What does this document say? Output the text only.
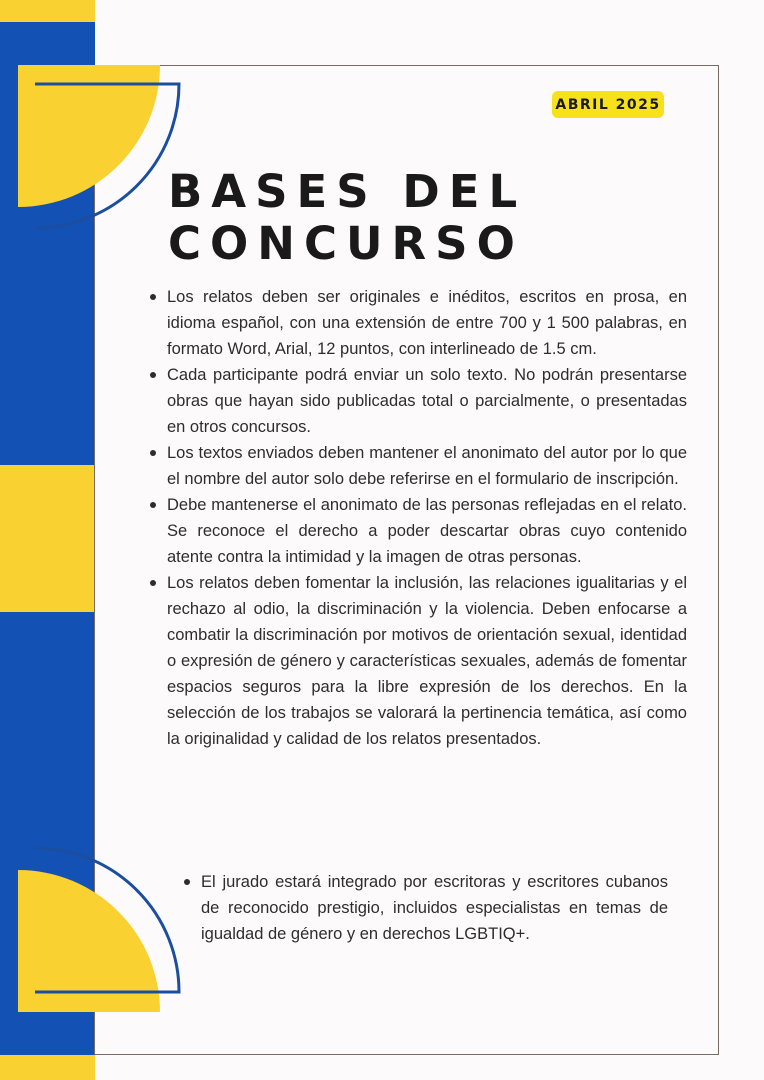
ABRIL 2025
BASES DEL
CONCURSO
Los relatos deben ser originales e inéditos, escritos en prosa, en idioma español, con una extensión de entre 700 y 1 500 palabras, en formato Word, Arial, 12 puntos, con interlineado de 1.5 cm.
Cada participante podrá enviar un solo texto. No podrán presentarse obras que hayan sido publicadas total o parcialmente, o presentadas en otros concursos.
Los textos enviados deben mantener el anonimato del autor por lo que el nombre del autor solo debe referirse en el formulario de inscripción.
Debe mantenerse el anonimato de las personas reflejadas en el relato. Se reconoce el derecho a poder descartar obras cuyo contenido atente contra la intimidad y la imagen de otras personas.
Los relatos deben fomentar la inclusión, las relaciones igualitarias y el rechazo al odio, la discriminación y la violencia. Deben enfocarse a combatir la discriminación por motivos de orientación sexual, identidad o expresión de género y características sexuales, además de fomentar espacios seguros para la libre expresión de los derechos. En la selección de los trabajos se valorará la pertinencia temática, así como la originalidad y calidad de los relatos presentados.
El jurado estará integrado por escritoras y escritores cubanos de reconocido prestigio, incluidos especialistas en temas de igualdad de género y en derechos LGBTIQ+.
